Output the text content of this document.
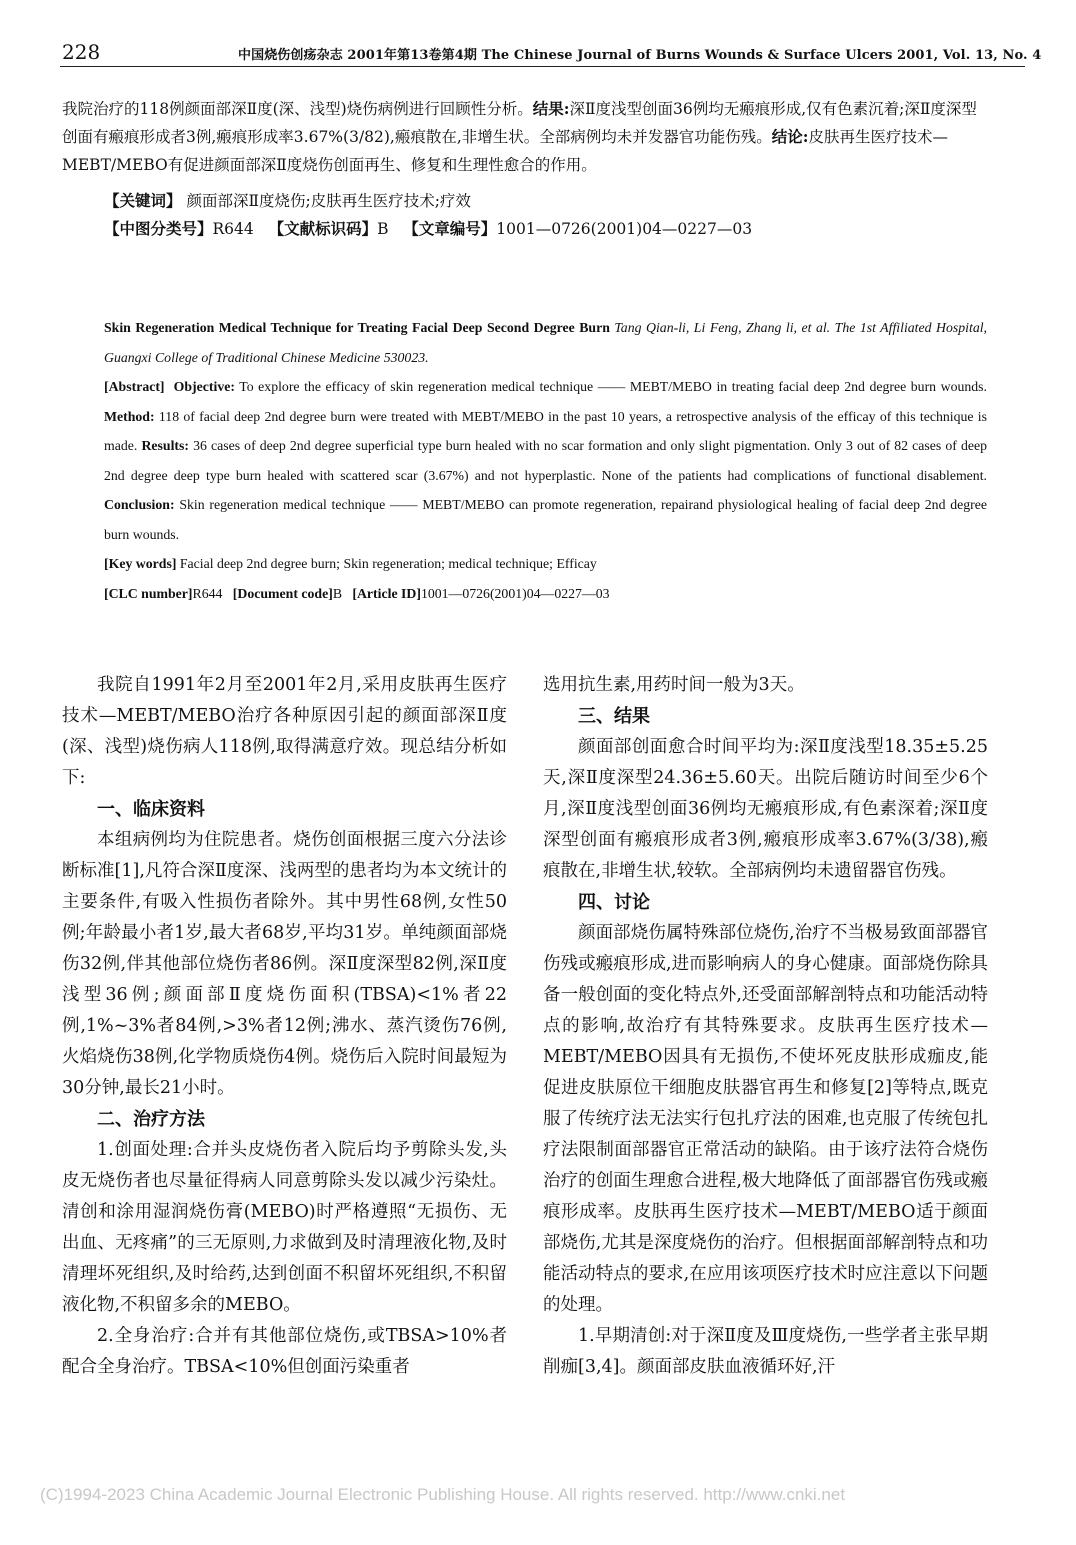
228	中国烧伤创疡杂志 2001年第13卷第4期 The Chinese Journal of Burns Wounds & Surface Ulcers 2001, Vol. 13, No. 4

我院治疗的118例颜面部深Ⅱ度(深、浅型)烧伤病例进行回顾性分析。结果:深Ⅱ度浅型创面36例均无瘢痕形成,仅有色素沉着;深Ⅱ度深型创面有瘢痕形成者3例,瘢痕形成率3.67%(3/82),瘢痕散在,非增生状。全部病例均未并发器官功能伤残。结论:皮肤再生医疗技术—MEBT/MEBO有促进颜面部深Ⅱ度烧伤创面再生、修复和生理性愈合的作用。

【关键词】 颜面部深Ⅱ度烧伤;皮肤再生医疗技术;疗效

【中图分类号】R644 【文献标识码】B 【文章编号】1001—0726(2001)04—0227—03

Skin Regeneration Medical Technique for Treating Facial Deep Second Degree Burn Tang Qian-li, Li Feng, Zhang li, et al. The 1st Affiliated Hospital, Guangxi College of Traditional Chinese Medicine 530023.

[Abstract] Objective: To explore the efficacy of skin regeneration medical technique —— MEBT/MEBO in treating facial deep 2nd degree burn wounds. Method: 118 of facial deep 2nd degree burn were treated with MEBT/MEBO in the past 10 years, a retrospective analysis of the efficay of this technique is made. Results: 36 cases of deep 2nd degree superficial type burn healed with no scar formation and only slight pigmentation. Only 3 out of 82 cases of deep 2nd degree deep type burn healed with scattered scar (3.67%) and not hyperplastic. None of the patients had complications of functional disablement. Conclusion: Skin regeneration medical technique —— MEBT/MEBO can promote regeneration, repairand physiological healing of facial deep 2nd degree burn wounds.

[Key words] Facial deep 2nd degree burn; Skin regeneration; medical technique; Efficay

[CLC number]R644 [Document code]B [Article ID]1001—0726(2001)04—0227—03

我院自1991年2月至2001年2月,采用皮肤再生医疗技术—MEBT/MEBO治疗各种原因引起的颜面部深Ⅱ度(深、浅型)烧伤病人118例,取得满意疗效。现总结分析如下:

一、临床资料

本组病例均为住院患者。烧伤创面根据三度六分法诊断标准[1],凡符合深Ⅱ度深、浅两型的患者均为本文统计的主要条件,有吸入性损伤者除外。其中男性68例,女性50例;年龄最小者1岁,最大者68岁,平均31岁。单纯颜面部烧伤32例,伴其他部位烧伤者86例。深Ⅱ度深型82例,深Ⅱ度浅型36例;颜面部Ⅱ度烧伤面积(TBSA)<1%者22例,1%~3%者84例,>3%者12例;沸水、蒸汽烫伤76例,火焰烧伤38例,化学物质烧伤4例。烧伤后入院时间最短为30分钟,最长21小时。

二、治疗方法

1.创面处理:合并头皮烧伤者入院后均予剪除头发,头皮无烧伤者也尽量征得病人同意剪除头发以减少污染灶。清创和涂用湿润烧伤膏(MEBO)时严格遵照“无损伤、无出血、无疼痛”的三无原则,力求做到及时清理液化物,及时清理坏死组织,及时给药,达到创面不积留坏死组织,不积留液化物,不积留多余的MEBO。

2.全身治疗:合并有其他部位烧伤,或TBSA>10%者配合全身治疗。TBSA<10%但创面污染重者

选用抗生素,用药时间一般为3天。

三、结果

颜面部创面愈合时间平均为:深Ⅱ度浅型18.35±5.25天,深Ⅱ度深型24.36±5.60天。出院后随访时间至少6个月,深Ⅱ度浅型创面36例均无瘢痕形成,有色素深着;深Ⅱ度深型创面有瘢痕形成者3例,瘢痕形成率3.67%(3/38),瘢痕散在,非增生状,较软。全部病例均未遗留器官伤残。

四、讨论

颜面部烧伤属特殊部位烧伤,治疗不当极易致面部器官伤残或瘢痕形成,进而影响病人的身心健康。面部烧伤除具备一般创面的变化特点外,还受面部解剖特点和功能活动特点的影响,故治疗有其特殊要求。皮肤再生医疗技术—MEBT/MEBO因具有无损伤,不使坏死皮肤形成痂皮,能促进皮肤原位干细胞皮肤器官再生和修复[2]等特点,既克服了传统疗法无法实行包扎疗法的困难,也克服了传统包扎疗法限制面部器官正常活动的缺陷。由于该疗法符合烧伤治疗的创面生理愈合进程,极大地降低了面部器官伤残或瘢痕形成率。皮肤再生医疗技术—MEBT/MEBO适于颜面部烧伤,尤其是深度烧伤的治疗。但根据面部解剖特点和功能活动特点的要求,在应用该项医疗技术时应注意以下问题的处理。

1.早期清创:对于深Ⅱ度及Ⅲ度烧伤,一些学者主张早期削痂[3,4]。颜面部皮肤血液循环好,汗

(C)1994-2023 China Academic Journal Electronic Publishing House. All rights reserved. http://www.cnki.net
